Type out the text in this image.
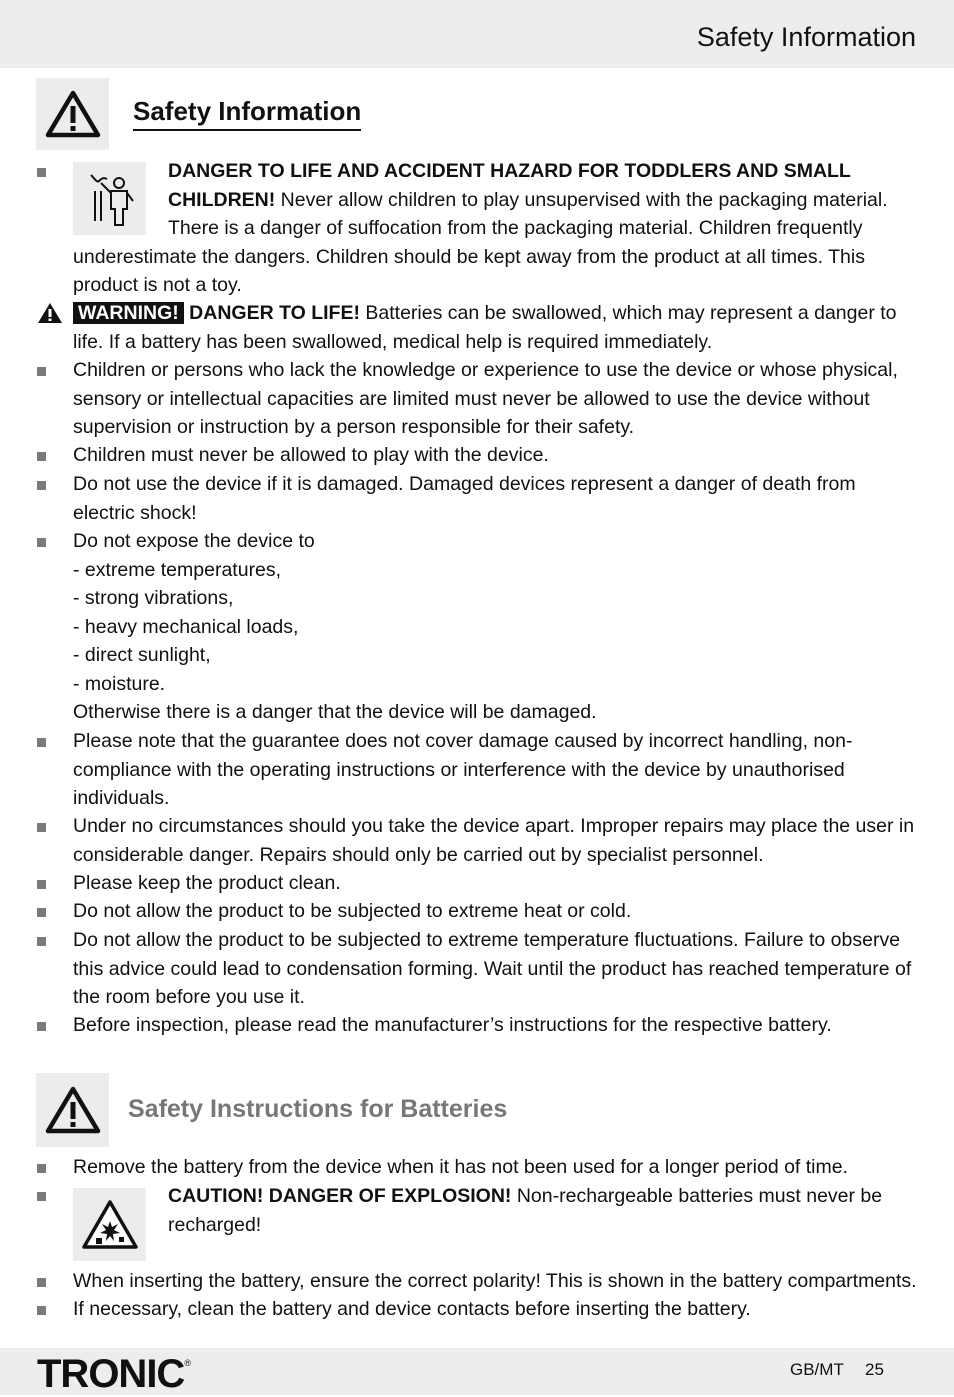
Safety Information
Safety Information
DANGER TO LIFE AND ACCIDENT HAZARD FOR TODDLERS AND SMALL CHILDREN! Never allow children to play unsupervised with the packaging material. There is a danger of suffocation from the packaging material. Children frequently underestimate the dangers. Children should be kept away from the product at all times. This product is not a toy.
WARNING! DANGER TO LIFE! Batteries can be swallowed, which may represent a danger to life. If a battery has been swallowed, medical help is required immediately.
Children or persons who lack the knowledge or experience to use the device or whose physical, sensory or intellectual capacities are limited must never be allowed to use the device without supervision or instruction by a person responsible for their safety.
Children must never be allowed to play with the device.
Do not use the device if it is damaged. Damaged devices represent a danger of death from electric shock!
Do not expose the device to
- extreme temperatures,
- strong vibrations,
- heavy mechanical loads,
- direct sunlight,
- moisture.
Otherwise there is a danger that the device will be damaged.
Please note that the guarantee does not cover damage caused by incorrect handling, non-compliance with the operating instructions or interference with the device by unauthorised individuals.
Under no circumstances should you take the device apart. Improper repairs may place the user in considerable danger. Repairs should only be carried out by specialist personnel.
Please keep the product clean.
Do not allow the product to be subjected to extreme heat or cold.
Do not allow the product to be subjected to extreme temperature fluctuations. Failure to observe this advice could lead to condensation forming. Wait until the product has reached temperature of the room before you use it.
Before inspection, please read the manufacturer’s instructions for the respective battery.
Safety Instructions for Batteries
Remove the battery from the device when it has not been used for a longer period of time.
CAUTION! DANGER OF EXPLOSION! Non-rechargeable batteries must never be recharged!
When inserting the battery, ensure the correct polarity! This is shown in the battery compartments.
If necessary, clean the battery and device contacts before inserting the battery.
TRONIC®	GB/MT 25
